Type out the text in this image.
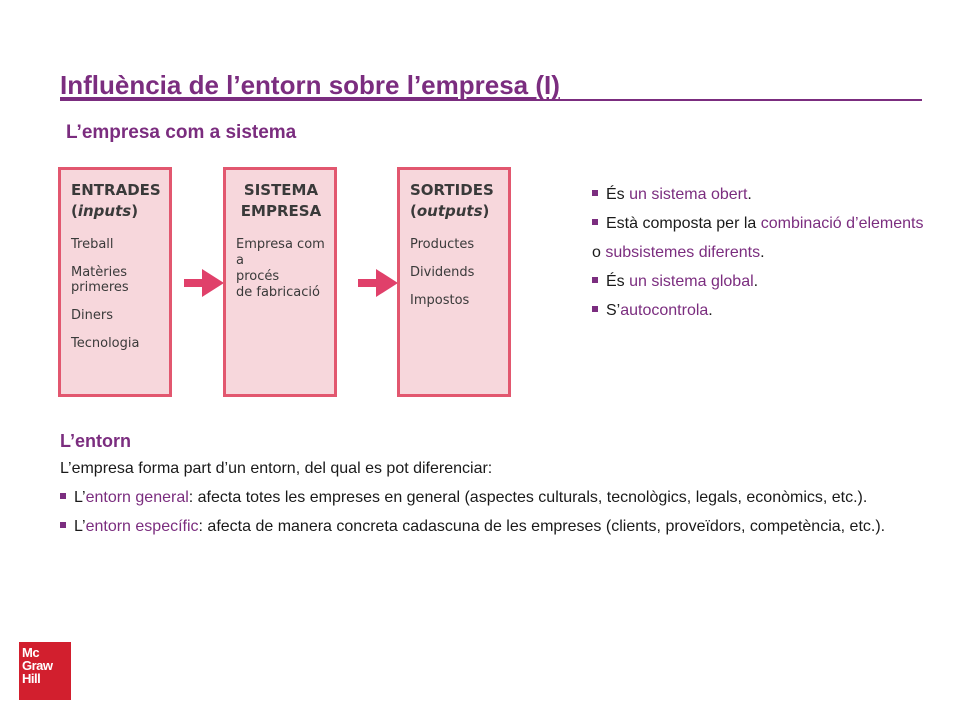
Influència de l’entorn sobre l’empresa (I)
L’empresa com a sistema
ENTRADES
(inputs)
Treball
Matèries primeres
Diners
Tecnologia
SISTEMA
EMPRESA
Empresa com a
procés
de fabricació
SORTIDES
(outputs)
Productes
Dividends
Impostos
És un sistema obert.
Està composta per la combinació d’elements o subsistemes diferents.
És un sistema global.
S’autocontrola.
L’entorn
L’empresa forma part d’un entorn, del qual es pot diferenciar:
L’entorn general: afecta totes les empreses en general (aspectes culturals, tecnològics, legals, econòmics, etc.).
L’entorn específic: afecta de manera concreta cadascuna de les empreses (clients, proveïdors, competència, etc.).
Mc
Graw
Hill
